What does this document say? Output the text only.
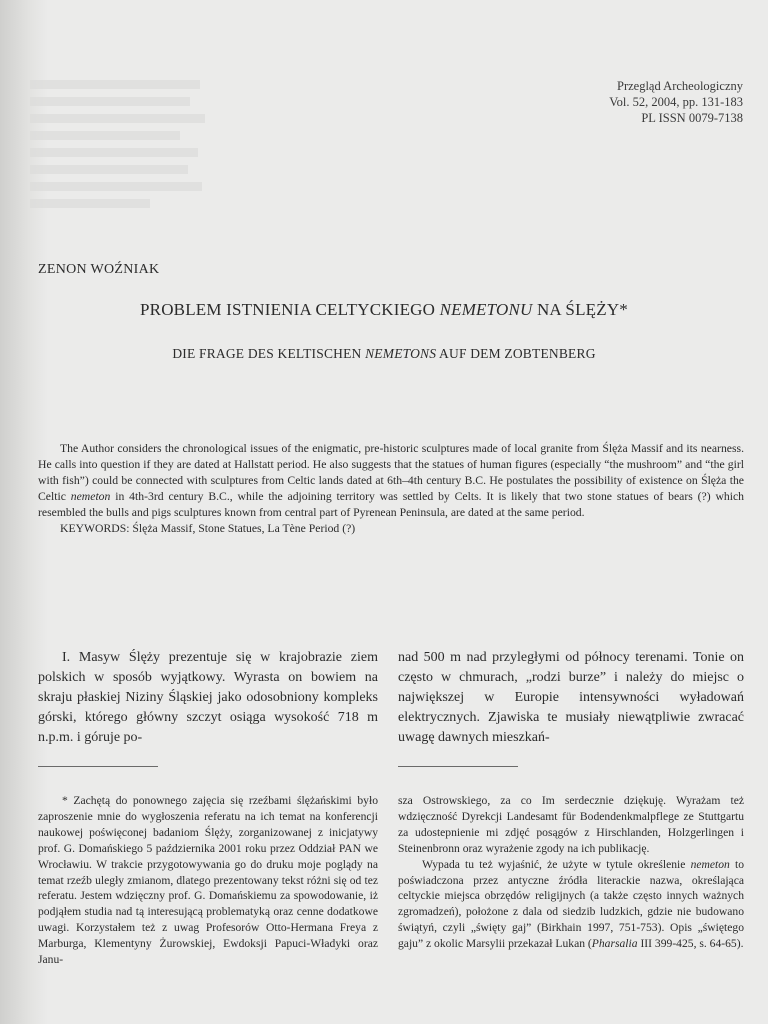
Przegląd Archeologiczny
Vol. 52, 2004, pp. 131-183
PL ISSN 0079-7138
ZENON WOŹNIAK
PROBLEM ISTNIENIA CELTYCKIEGO NEMETONU NA ŚLĘŻY*
DIE FRAGE DES KELTISCHEN NEMETONS AUF DEM ZOBTENBERG

The Author considers the chronological issues of the enigmatic, pre-historic sculptures made of local granite from Ślęża Massif and its nearness. He calls into question if they are dated at Hallstatt period. He also suggests that the statues of human figures (especially “the mushroom” and “the girl with fish”) could be connected with sculptures from Celtic lands dated at 6th–4th century B.C. He postulates the possibility of existence on Ślęża the Celtic nemeton in 4th-3rd century B.C., while the adjoining territory was settled by Celts. It is likely that two stone statues of bears (?) which resembled the bulls and pigs sculptures known from central part of Pyrenean Peninsula, are dated at the same period.

KEYWORDS: Ślęża Massif, Stone Statues, La Tène Period (?)

I. Masyw Ślęży prezentuje się w krajobrazie ziem polskich w sposób wyjątkowy. Wyrasta on bowiem na skraju płaskiej Niziny Śląskiej jako odosobniony kompleks górski, którego główny szczyt osiąga wysokość 718 m n.p.m. i góruje po-
nad 500 m nad przyległymi od północy terenami. Tonie on często w chmurach, „rodzi burze” i należy do miejsc o największej w Europie intensywności wyładowań elektrycznych. Zjawiska te musiały niewątpliwie zwracać uwagę dawnych mieszkań-
* Zachętą do ponownego zajęcia się rzeźbami ślężańskimi było zaproszenie mnie do wygłoszenia referatu na ich temat na konferencji naukowej poświęconej badaniom Ślęży, zorganizowanej z inicjatywy prof. G. Domańskiego 5 października 2001 roku przez Oddział PAN we Wrocławiu. W trakcie przygotowywania go do druku moje poglądy na temat rzeźb uległy zmianom, dlatego prezentowany tekst różni się od tez referatu. Jestem wdzięczny prof. G. Domańskiemu za spowodowanie, iż podjąłem studia nad tą interesującą problematyką oraz cenne dodatkowe uwagi. Korzystałem też z uwag Profesorów Otto-Hermana Freya z Marburga, Klementyny Żurowskiej, Ewdoksji Papuci-Władyki oraz Janu-

sza Ostrowskiego, za co Im serdecznie dziękuję. Wyrażam też wdzięczność Dyrekcji Landesamt für Bodendenkmalpflege ze Stuttgartu za udostepnienie mi zdjęć posągów z Hirschlanden, Holzgerlingen i Steinenbronn oraz wyrażenie zgody na ich publikację.

Wypada tu też wyjaśnić, że użyte w tytule określenie nemeton to poświadczona przez antyczne źródła literackie nazwa, określająca celtyckie miejsca obrzędów religijnych (a także często innych ważnych zgromadzeń), położone z dala od siedzib ludzkich, gdzie nie budowano świątyń, czyli „święty gaj” (Birkhain 1997, 751-753). Opis „świętego gaju” z okolic Marsylii przekazał Lukan (Pharsalia III 399-425, s. 64-65).
